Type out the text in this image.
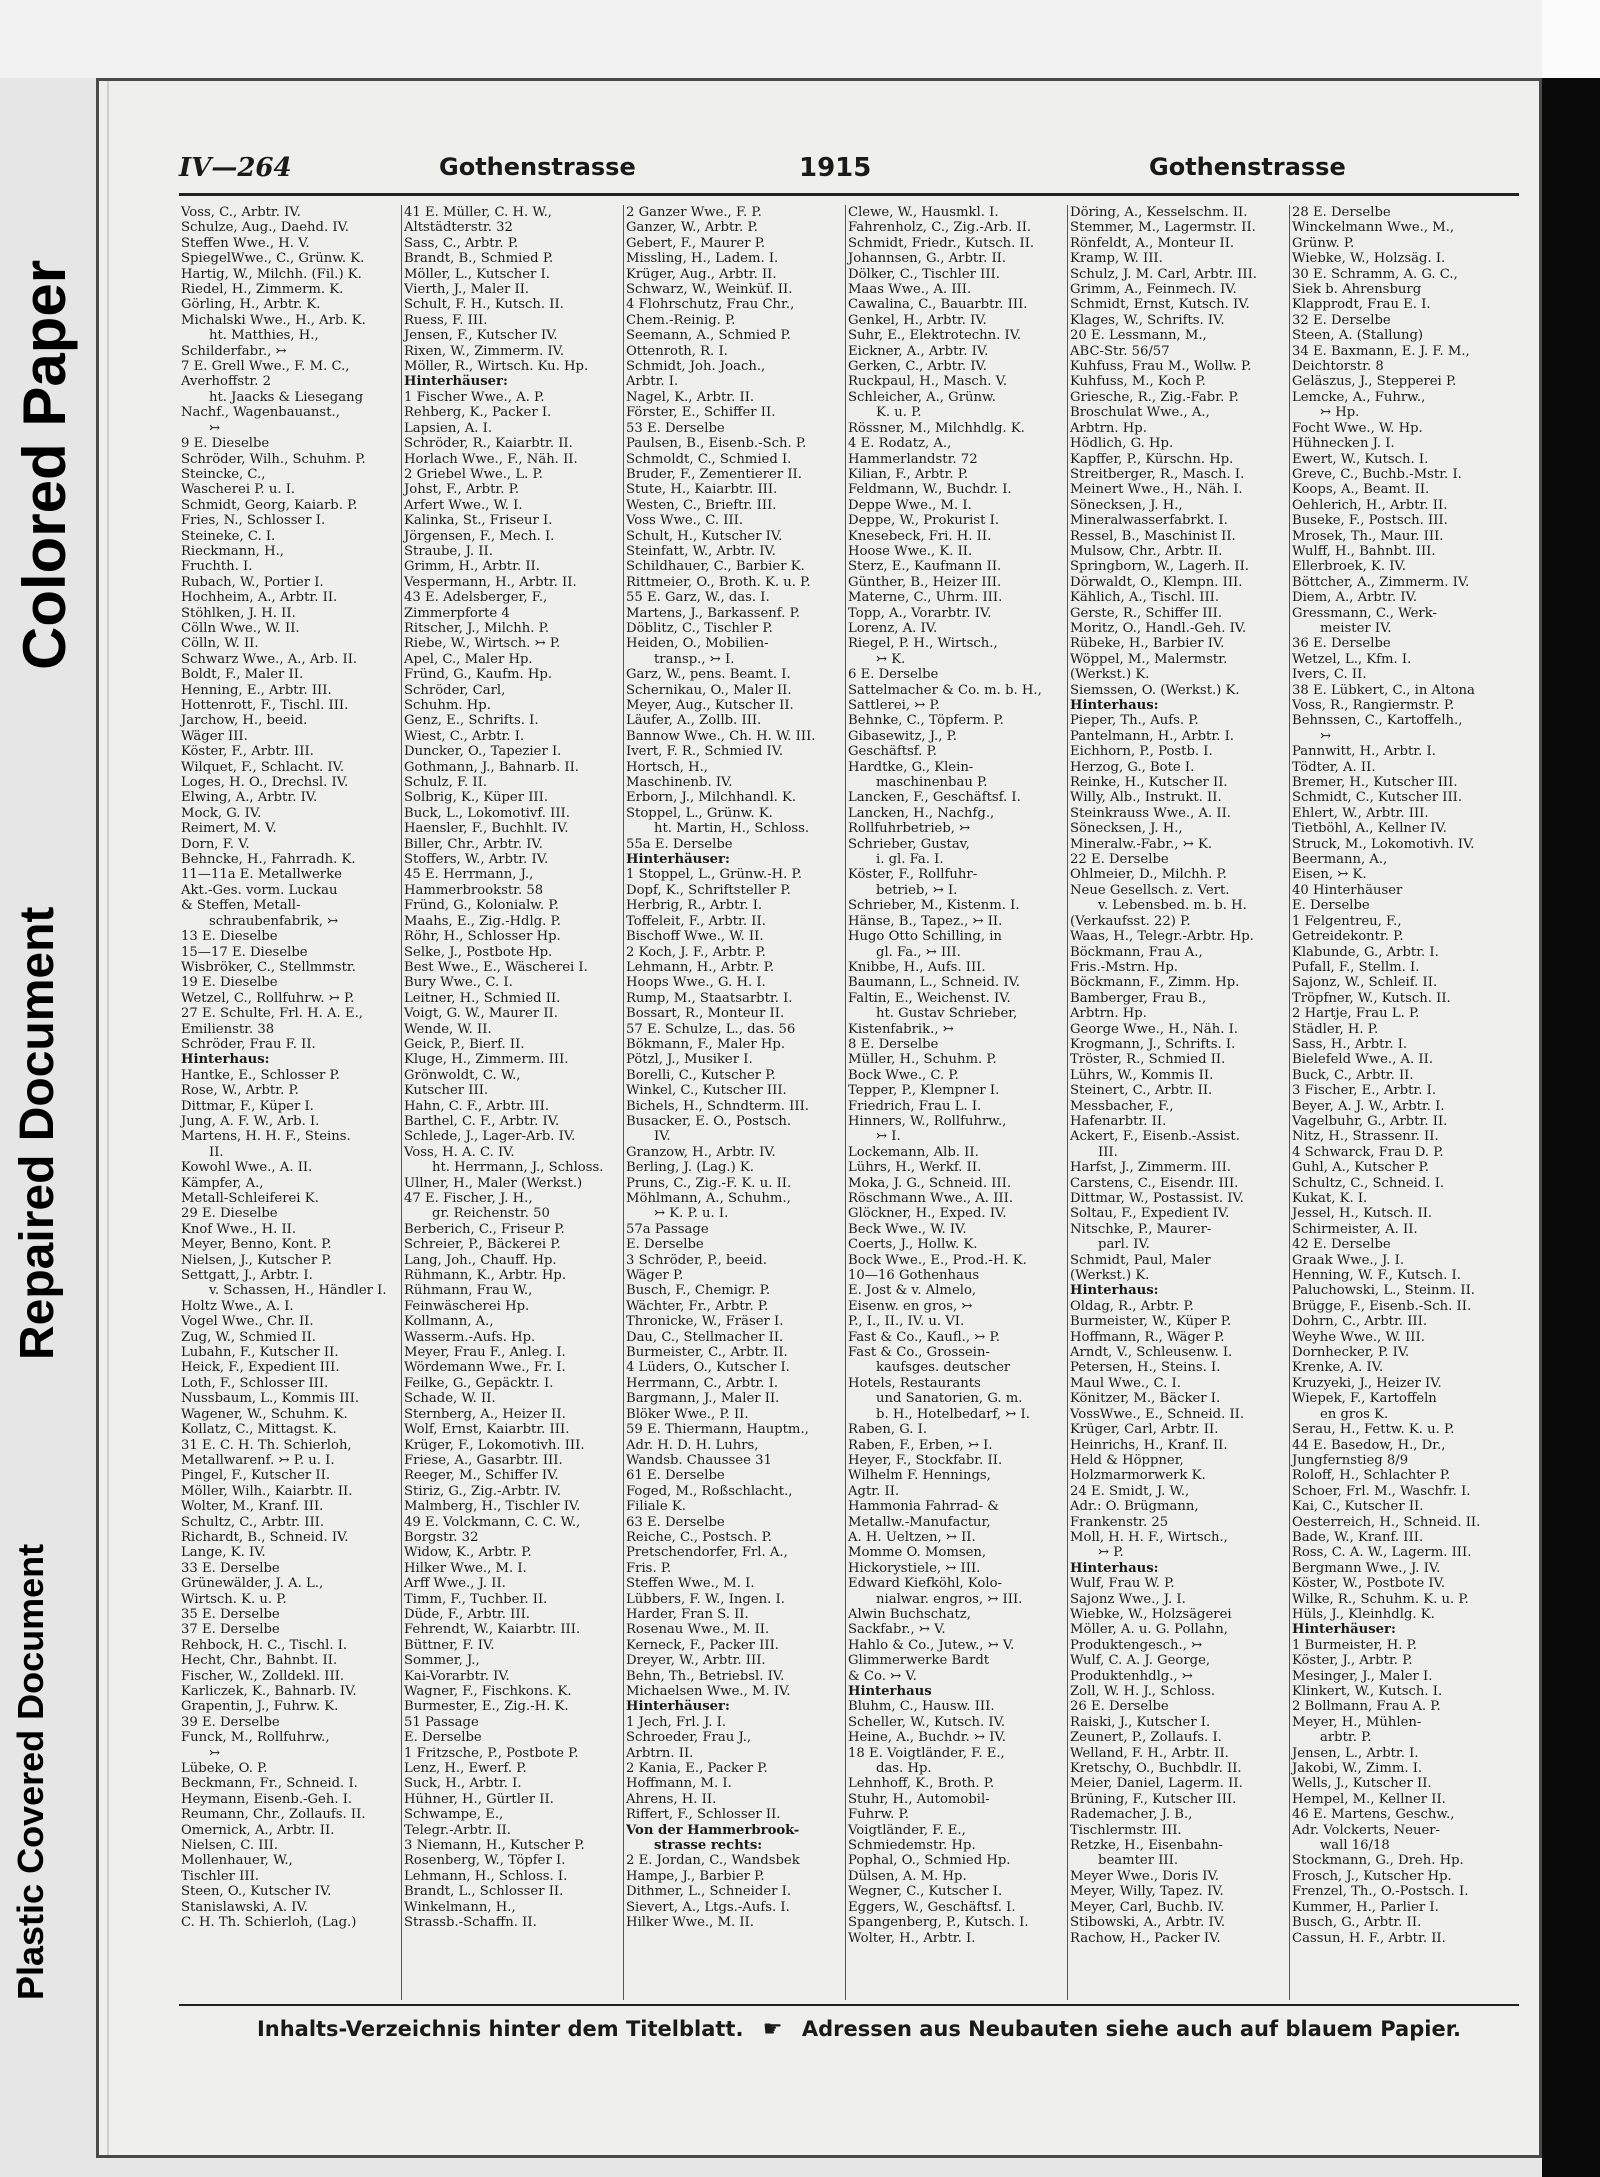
Colored Paper
Repaired Document
Plastic Covered Document
IV—264	Gothenstrasse	1915	Gothenstrasse
Voss, C., Arbtr. IV.
Schulze, Aug., Daehd. IV.
Steffen Wwe., H. V.
SpiegelWwe., C., Grünw. K.
Hartig, W., Milchh. (Fil.) K.
Riedel, H., Zimmerm. K.
Görling, H., Arbtr. K.
Michalski Wwe., H., Arb. K.
ht. Matthies, H.,
Schilderfabr., ↣
7 E. Grell Wwe., F. M. C.,
Averhoffstr. 2
ht. Jaacks & Liesegang
Nachf., Wagenbauanst.,
↣
9 E. Dieselbe
Schröder, Wilh., Schuhm. P.
Steincke, C.,
Wascherei P. u. I.
Schmidt, Georg, Kaiarb. P.
Fries, N., Schlosser I.
Steineke, C. I.
Rieckmann, H.,
Fruchth. I.
Rubach, W., Portier I.
Hochheim, A., Arbtr. II.
Stöhlken, J. H. II.
Cölln Wwe., W. II.
Cölln, W. II.
Schwarz Wwe., A., Arb. II.
Boldt, F., Maler II.
Henning, E., Arbtr. III.
Hottenrott, F., Tischl. III.
Jarchow, H., beeid.
Wäger III.
Köster, F., Arbtr. III.
Wilquet, F., Schlacht. IV.
Loges, H. O., Drechsl. IV.
Elwing, A., Arbtr. IV.
Mock, G. IV.
Reimert, M. V.
Dorn, F. V.
Behncke, H., Fahrradh. K.
11—11a E. Metallwerke
Akt.-Ges. vorm. Luckau
& Steffen, Metall-
schraubenfabrik, ↣
13 E. Dieselbe
15—17 E. Dieselbe
Wisbröker, C., Stellmmstr.
19 E. Dieselbe
Wetzel, C., Rollfuhrw. ↣ P.
27 E. Schulte, Frl. H. A. E.,
Emilienstr. 38
Schröder, Frau F. II.
Hinterhaus:
Hantke, E., Schlosser P.
Rose, W., Arbtr. P.
Dittmar, F., Küper I.
Jung, A. F. W., Arb. I.
Martens, H. H. F., Steins.
II.
Kowohl Wwe., A. II.
Kämpfer, A.,
Metall-Schleiferei K.
29 E. Dieselbe
Knof Wwe., H. II.
Meyer, Benno, Kont. P.
Nielsen, J., Kutscher P.
Settgatt, J., Arbtr. I.
v. Schassen, H., Händler I.
Holtz Wwe., A. I.
Vogel Wwe., Chr. II.
Zug, W., Schmied II.
Lubahn, F., Kutscher II.
Heick, F., Expedient III.
Loth, F., Schlosser III.
Nussbaum, L., Kommis III.
Wagener, W., Schuhm. K.
Kollatz, C., Mittagst. K.
31 E. C. H. Th. Schierloh,
Metallwarenf. ↣ P. u. I.
Pingel, F., Kutscher II.
Möller, Wilh., Kaiarbtr. II.
Wolter, M., Kranf. III.
Schultz, C., Arbtr. III.
Richardt, B., Schneid. IV.
Lange, K. IV.
33 E. Derselbe
Grünewälder, J. A. L.,
Wirtsch. K. u. P.
35 E. Derselbe
37 E. Derselbe
Rehbock, H. C., Tischl. I.
Hecht, Chr., Bahnbt. II.
Fischer, W., Zolldekl. III.
Karliczek, K., Bahnarb. IV.
Grapentin, J., Fuhrw. K.
39 E. Derselbe
Funck, M., Rollfuhrw.,
↣
Lübeke, O. P.
Beckmann, Fr., Schneid. I.
Heymann, Eisenb.-Geh. I.
Reumann, Chr., Zollaufs. II.
Omernick, A., Arbtr. II.
Nielsen, C. III.
Mollenhauer, W.,
Tischler III.
Steen, O., Kutscher IV.
Stanislawski, A. IV.
C. H. Th. Schierloh, (Lag.)
41 E. Müller, C. H. W.,
Altstädterstr. 32
Sass, C., Arbtr. P.
Brandt, B., Schmied P.
Möller, L., Kutscher I.
Vierth, J., Maler II.
Schult, F. H., Kutsch. II.
Ruess, F. III.
Jensen, F., Kutscher IV.
Rixen, W., Zimmerm. IV.
Möller, R., Wirtsch. Ku. Hp.
Hinterhäuser:
1 Fischer Wwe., A. P.
Rehberg, K., Packer I.
Lapsien, A. I.
Schröder, R., Kaiarbtr. II.
Horlach Wwe., F., Näh. II.
2 Griebel Wwe., L. P.
Johst, F., Arbtr. P.
Arfert Wwe., W. I.
Kalinka, St., Friseur I.
Jörgensen, F., Mech. I.
Straube, J. II.
Grimm, H., Arbtr. II.
Vespermann, H., Arbtr. II.
43 E. Adelsberger, F.,
Zimmerpforte 4
Ritscher, J., Milchh. P.
Riebe, W., Wirtsch. ↣ P.
Apel, C., Maler Hp.
Fründ, G., Kaufm. Hp.
Schröder, Carl,
Schuhm. Hp.
Genz, E., Schrifts. I.
Wiest, C., Arbtr. I.
Duncker, O., Tapezier I.
Gothmann, J., Bahnarb. II.
Schulz, F. II.
Solbrig, K., Küper III.
Buck, L., Lokomotivf. III.
Haensler, F., Buchhlt. IV.
Biller, Chr., Arbtr. IV.
Stoffers, W., Arbtr. IV.
45 E. Herrmann, J.,
Hammerbrookstr. 58
Fründ, G., Kolonialw. P.
Maahs, E., Zig.-Hdlg. P.
Röhr, H., Schlosser Hp.
Selke, J., Postbote Hp.
Best Wwe., E., Wäscherei I.
Bury Wwe., C. I.
Leitner, H., Schmied II.
Voigt, G. W., Maurer II.
Wende, W. II.
Geick, P., Bierf. II.
Kluge, H., Zimmerm. III.
Grönwoldt, C. W.,
Kutscher III.
Hahn, C. F., Arbtr. III.
Barthel, C. F., Arbtr. IV.
Schlede, J., Lager-Arb. IV.
Voss, H. A. C. IV.
ht. Herrmann, J., Schloss.
Ullner, H., Maler (Werkst.)
47 E. Fischer, J. H.,
gr. Reichenstr. 50
Berberich, C., Friseur P.
Schreier, P., Bäckerei P.
Lang, Joh., Chauff. Hp.
Rühmann, K., Arbtr. Hp.
Rühmann, Frau W.,
Feinwäscherei Hp.
Kollmann, A.,
Wasserm.-Aufs. Hp.
Meyer, Frau F., Anleg. I.
Wördemann Wwe., Fr. I.
Feilke, G., Gepäcktr. I.
Schade, W. II.
Sternberg, A., Heizer II.
Wolf, Ernst, Kaiarbtr. III.
Krüger, F., Lokomotivh. III.
Friese, A., Gasarbtr. III.
Reeger, M., Schiffer IV.
Stiriz, G., Zig.-Arbtr. IV.
Malmberg, H., Tischler IV.
49 E. Volckmann, C. C. W.,
Borgstr. 32
Widow, K., Arbtr. P.
Hilker Wwe., M. I.
Arff Wwe., J. II.
Timm, F., Tuchber. II.
Düde, F., Arbtr. III.
Fehrendt, W., Kaiarbtr. III.
Büttner, F. IV.
Sommer, J.,
Kai-Vorarbtr. IV.
Wagner, F., Fischkons. K.
Burmester, E., Zig.-H. K.
51 Passage
E. Derselbe
1 Fritzsche, P., Postbote P.
Lenz, H., Ewerf. P.
Suck, H., Arbtr. I.
Hühner, H., Gürtler II.
Schwampe, E.,
Telegr.-Arbtr. II.
3 Niemann, H., Kutscher P.
Rosenberg, W., Töpfer I.
Lehmann, H., Schloss. I.
Brandt, L., Schlosser II.
Winkelmann, H.,
Strassb.-Schaffn. II.
2 Ganzer Wwe., F. P.
Ganzer, W., Arbtr. P.
Gebert, F., Maurer P.
Missling, H., Ladem. I.
Krüger, Aug., Arbtr. II.
Schwarz, W., Weinküf. II.
4 Flohrschutz, Frau Chr.,
Chem.-Reinig. P.
Seemann, A., Schmied P.
Ottenroth, R. I.
Schmidt, Joh. Joach.,
Arbtr. I.
Nagel, K., Arbtr. II.
Förster, E., Schiffer II.
53 E. Derselbe
Paulsen, B., Eisenb.-Sch. P.
Schmoldt, C., Schmied I.
Bruder, F., Zementierer II.
Stute, H., Kaiarbtr. III.
Westen, C., Brieftr. III.
Voss Wwe., C. III.
Schult, H., Kutscher IV.
Steinfatt, W., Arbtr. IV.
Schildhauer, C., Barbier K.
Rittmeier, O., Broth. K. u. P.
55 E. Garz, W., das. I.
Martens, J., Barkassenf. P.
Döblitz, C., Tischler P.
Heiden, O., Mobilien-
transp., ↣ I.
Garz, W., pens. Beamt. I.
Schernikau, O., Maler II.
Meyer, Aug., Kutscher II.
Läufer, A., Zollb. III.
Bannow Wwe., Ch. H. W. III.
Ivert, F. R., Schmied IV.
Hortsch, H.,
Maschinenb. IV.
Erborn, J., Milchhandl. K.
Stoppel, L., Grünw. K.
ht. Martin, H., Schloss.
55a E. Derselbe
Hinterhäuser:
1 Stoppel, L., Grünw.-H. P.
Dopf, K., Schriftsteller P.
Herbrig, R., Arbtr. I.
Toffeleit, F., Arbtr. II.
Bischoff Wwe., W. II.
2 Koch, J. F., Arbtr. P.
Lehmann, H., Arbtr. P.
Hoops Wwe., G. H. I.
Rump, M., Staatsarbtr. I.
Bossart, R., Monteur II.
57 E. Schulze, L., das. 56
Bökmann, F., Maler Hp.
Pötzl, J., Musiker I.
Borelli, C., Kutscher P.
Winkel, C., Kutscher III.
Bichels, H., Schndterm. III.
Busacker, E. O., Postsch.
IV.
Granzow, H., Arbtr. IV.
Berling, J. (Lag.) K.
Pruns, C., Zig.-F. K. u. II.
Möhlmann, A., Schuhm.,
↣ K. P. u. I.
57a Passage
E. Derselbe
3 Schröder, P., beeid.
Wäger P.
Busch, F., Chemigr. P.
Wächter, Fr., Arbtr. P.
Thronicke, W., Fräser I.
Dau, C., Stellmacher II.
Burmeister, C., Arbtr. II.
4 Lüders, O., Kutscher I.
Herrmann, C., Arbtr. I.
Bargmann, J., Maler II.
Blöker Wwe., P. II.
59 E. Thiermann, Hauptm.,
Adr. H. D. H. Luhrs,
Wandsb. Chaussee 31
61 E. Derselbe
Foged, M., Roßschlacht.,
Filiale K.
63 E. Derselbe
Reiche, C., Postsch. P.
Pretschendorfer, Frl. A.,
Fris. P.
Steffen Wwe., M. I.
Lübbers, F. W., Ingen. I.
Harder, Fran S. II.
Rosenau Wwe., M. II.
Kerneck, F., Packer III.
Dreyer, W., Arbtr. III.
Behn, Th., Betriebsl. IV.
Michaelsen Wwe., M. IV.
Hinterhäuser:
1 Jech, Frl. J. I.
Schroeder, Frau J.,
Arbtrn. II.
2 Kania, E., Packer P.
Hoffmann, M. I.
Ahrens, H. II.
Riffert, F., Schlosser II.
Von der Hammerbrook-
strasse rechts:
2 E. Jordan, C., Wandsbek
Hampe, J., Barbier P.
Dithmer, L., Schneider I.
Sievert, A., Ltgs.-Aufs. I.
Hilker Wwe., M. II.
Clewe, W., Hausmkl. I.
Fahrenholz, C., Zig.-Arb. II.
Schmidt, Friedr., Kutsch. II.
Johannsen, G., Arbtr. II.
Dölker, C., Tischler III.
Maas Wwe., A. III.
Cawalina, C., Bauarbtr. III.
Genkel, H., Arbtr. IV.
Suhr, E., Elektrotechn. IV.
Eickner, A., Arbtr. IV.
Gerken, C., Arbtr. IV.
Ruckpaul, H., Masch. V.
Schleicher, A., Grünw.
K. u. P.
Rössner, M., Milchhdlg. K.
4 E. Rodatz, A.,
Hammerlandstr. 72
Kilian, F., Arbtr. P.
Feldmann, W., Buchdr. I.
Deppe Wwe., M. I.
Deppe, W., Prokurist I.
Knesebeck, Fri. H. II.
Hoose Wwe., K. II.
Sterz, E., Kaufmann II.
Günther, B., Heizer III.
Materne, C., Uhrm. III.
Topp, A., Vorarbtr. IV.
Lorenz, A. IV.
Riegel, P. H., Wirtsch.,
↣ K.
6 E. Derselbe
Sattelmacher & Co. m. b. H.,
Sattlerei, ↣ P.
Behnke, C., Töpferm. P.
Gibasewitz, J., P.
Geschäftsf. P.
Hardtke, G., Klein-
maschinenbau P.
Lancken, F., Geschäftsf. I.
Lancken, H., Nachfg.,
Rollfuhrbetrieb, ↣
Schrieber, Gustav,
i. gl. Fa. I.
Köster, F., Rollfuhr-
betrieb, ↣ I.
Schrieber, M., Kistenm. I.
Hänse, B., Tapez., ↣ II.
Hugo Otto Schilling, in
gl. Fa., ↣ III.
Knibbe, H., Aufs. III.
Baumann, L., Schneid. IV.
Faltin, E., Weichenst. IV.
ht. Gustav Schrieber,
Kistenfabrik., ↣
8 E. Derselbe
Müller, H., Schuhm. P.
Bock Wwe., C. P.
Tepper, P., Klempner I.
Friedrich, Frau L. I.
Hinners, W., Rollfuhrw.,
↣ I.
Lockemann, Alb. II.
Lührs, H., Werkf. II.
Moka, J. G., Schneid. III.
Röschmann Wwe., A. III.
Glöckner, H., Exped. IV.
Beck Wwe., W. IV.
Coerts, J., Hollw. K.
Bock Wwe., E., Prod.-H. K.
10—16 Gothenhaus
E. Jost & v. Almelo,
Eisenw. en gros, ↣
P., I., II., IV. u. VI.
Fast & Co., Kaufl., ↣ P.
Fast & Co., Grossein-
kaufsges. deutscher
Hotels, Restaurants
und Sanatorien, G. m.
b. H., Hotelbedarf, ↣ I.
Raben, G. I.
Raben, F., Erben, ↣ I.
Heyer, F., Stockfabr. II.
Wilhelm F. Hennings,
Agtr. II.
Hammonia Fahrrad- &
Metallw.-Manufactur,
A. H. Ueltzen, ↣ II.
Momme O. Momsen,
Hickorystiele, ↣ III.
Edward Kiefköhl, Kolo-
nialwar. engros, ↣ III.
Alwin Buchschatz,
Sackfabr., ↣ V.
Hahlo & Co., Jutew., ↣ V.
Glimmerwerke Bardt
& Co. ↣ V.
Hinterhaus
Bluhm, C., Hausw. III.
Scheller, W., Kutsch. IV.
Heine, A., Buchdr. ↣ IV.
18 E. Voigtländer, F. E.,
das. Hp.
Lehnhoff, K., Broth. P.
Stuhr, H., Automobil-
Fuhrw. P.
Voigtländer, F. E.,
Schmiedemstr. Hp.
Pophal, O., Schmied Hp.
Dülsen, A. M. Hp.
Wegner, C., Kutscher I.
Eggers, W., Geschäftsf. I.
Spangenberg, P., Kutsch. I.
Wolter, H., Arbtr. I.
Döring, A., Kesselschm. II.
Stemmer, M., Lagermstr. II.
Rönfeldt, A., Monteur II.
Kramp, W. III.
Schulz, J. M. Carl, Arbtr. III.
Grimm, A., Feinmech. IV.
Schmidt, Ernst, Kutsch. IV.
Klages, W., Schrifts. IV.
20 E. Lessmann, M.,
ABC-Str. 56/57
Kuhfuss, Frau M., Wollw. P.
Kuhfuss, M., Koch P.
Griesche, R., Zig.-Fabr. P.
Broschulat Wwe., A.,
Arbtrn. Hp.
Hödlich, G. Hp.
Kapffer, P., Kürschn. Hp.
Streitberger, R., Masch. I.
Meinert Wwe., H., Näh. I.
Sönecksen, J. H.,
Mineralwasserfabrkt. I.
Ressel, B., Maschinist II.
Mulsow, Chr., Arbtr. II.
Springborn, W., Lagerh. II.
Dörwaldt, O., Klempn. III.
Kählich, A., Tischl. III.
Gerste, R., Schiffer III.
Moritz, O., Handl.-Geh. IV.
Rübeke, H., Barbier IV.
Wöppel, M., Malermstr.
(Werkst.) K.
Siemssen, O. (Werkst.) K.
Hinterhaus:
Pieper, Th., Aufs. P.
Pantelmann, H., Arbtr. I.
Eichhorn, P., Postb. I.
Herzog, G., Bote I.
Reinke, H., Kutscher II.
Willy, Alb., Instrukt. II.
Steinkrauss Wwe., A. II.
Sönecksen, J. H.,
Mineralw.-Fabr., ↣ K.
22 E. Derselbe
Ohlmeier, D., Milchh. P.
Neue Gesellsch. z. Vert.
v. Lebensbed. m. b. H.
(Verkaufsst. 22) P.
Waas, H., Telegr.-Arbtr. Hp.
Böckmann, Frau A.,
Fris.-Mstrn. Hp.
Böckmann, F., Zimm. Hp.
Bamberger, Frau B.,
Arbtrn. Hp.
George Wwe., H., Näh. I.
Krogmann, J., Schrifts. I.
Tröster, R., Schmied II.
Lührs, W., Kommis II.
Steinert, C., Arbtr. II.
Messbacher, F.,
Hafenarbtr. II.
Ackert, F., Eisenb.-Assist.
III.
Harfst, J., Zimmerm. III.
Carstens, C., Eisendr. III.
Dittmar, W., Postassist. IV.
Soltau, F., Expedient IV.
Nitschke, P., Maurer-
parl. IV.
Schmidt, Paul, Maler
(Werkst.) K.
Hinterhaus:
Oldag, R., Arbtr. P.
Burmeister, W., Küper P.
Hoffmann, R., Wäger P.
Arndt, V., Schleusenw. I.
Petersen, H., Steins. I.
Maul Wwe., C. I.
Könitzer, M., Bäcker I.
VossWwe., E., Schneid. II.
Krüger, Carl, Arbtr. II.
Heinrichs, H., Kranf. II.
Held & Höppner,
Holzmarmorwerk K.
24 E. Smidt, J. W.,
Adr.: O. Brügmann,
Frankenstr. 25
Moll, H. H. F., Wirtsch.,
↣ P.
Hinterhaus:
Wulf, Frau W. P.
Sajonz Wwe., J. I.
Wiebke, W., Holzsägerei
Möller, A. u. G. Pollahn,
Produktengesch., ↣
Wulf, C. A. J. George,
Produktenhdlg., ↣
Zoll, W. H. J., Schloss.
26 E. Derselbe
Raiski, J., Kutscher I.
Zeunert, P., Zollaufs. I.
Welland, F. H., Arbtr. II.
Kretschy, O., Buchbdlr. II.
Meier, Daniel, Lagerm. II.
Brüning, F., Kutscher III.
Rademacher, J. B.,
Tischlermstr. III.
Retzke, H., Eisenbahn-
beamter III.
Meyer Wwe., Doris IV.
Meyer, Willy, Tapez. IV.
Meyer, Carl, Buchb. IV.
Stibowski, A., Arbtr. IV.
Rachow, H., Packer IV.
28 E. Derselbe
Winckelmann Wwe., M.,
Grünw. P.
Wiebke, W., Holzsäg. I.
30 E. Schramm, A. G. C.,
Siek b. Ahrensburg
Klapprodt, Frau E. I.
32 E. Derselbe
Steen, A. (Stallung)
34 E. Baxmann, E. J. F. M.,
Deichtorstr. 8
Geläszus, J., Stepperei P.
Lemcke, A., Fuhrw.,
↣ Hp.
Focht Wwe., W. Hp.
Hühnecken J. I.
Ewert, W., Kutsch. I.
Greve, C., Buchb.-Mstr. I.
Koops, A., Beamt. II.
Oehlerich, H., Arbtr. II.
Buseke, F., Postsch. III.
Mrosek, Th., Maur. III.
Wulff, H., Bahnbt. III.
Ellerbroek, K. IV.
Böttcher, A., Zimmerm. IV.
Diem, A., Arbtr. IV.
Gressmann, C., Werk-
meister IV.
36 E. Derselbe
Wetzel, L., Kfm. I.
Ivers, C. II.
38 E. Lübkert, C., in Altona
Voss, R., Rangiermstr. P.
Behnssen, C., Kartoffelh.,
↣
Pannwitt, H., Arbtr. I.
Tödter, A. II.
Bremer, H., Kutscher III.
Schmidt, C., Kutscher III.
Ehlert, W., Arbtr. III.
Tietböhl, A., Kellner IV.
Struck, M., Lokomotivh. IV.
Beermann, A.,
Eisen, ↣ K.
40 Hinterhäuser
E. Derselbe
1 Felgentreu, F.,
Getreidekontr. P.
Klabunde, G., Arbtr. I.
Pufall, F., Stellm. I.
Sajonz, W., Schleif. II.
Tröpfner, W., Kutsch. II.
2 Hartje, Frau L. P.
Städler, H. P.
Sass, H., Arbtr. I.
Bielefeld Wwe., A. II.
Buck, C., Arbtr. II.
3 Fischer, E., Arbtr. I.
Beyer, A. J. W., Arbtr. I.
Vagelbuhr, G., Arbtr. II.
Nitz, H., Strassenr. II.
4 Schwarck, Frau D. P.
Guhl, A., Kutscher P.
Schultz, C., Schneid. I.
Kukat, K. I.
Jessel, H., Kutsch. II.
Schirmeister, A. II.
42 E. Derselbe
Graak Wwe., J. I.
Henning, W. F., Kutsch. I.
Paluchowski, L., Steinm. II.
Brügge, F., Eisenb.-Sch. II.
Dohrn, C., Arbtr. III.
Weyhe Wwe., W. III.
Dornhecker, P. IV.
Krenke, A. IV.
Kruzyeki, J., Heizer IV.
Wiepek, F., Kartoffeln
en gros K.
Serau, H., Fettw. K. u. P.
44 E. Basedow, H., Dr.,
Jungfernstieg 8/9
Roloff, H., Schlachter P.
Schoer, Frl. M., Waschfr. I.
Kai, C., Kutscher II.
Oesterreich, H., Schneid. II.
Bade, W., Kranf. III.
Ross, C. A. W., Lagerm. III.
Bergmann Wwe., J. IV.
Köster, W., Postbote IV.
Wilke, R., Schuhm. K. u. P.
Hüls, J., Kleinhdlg. K.
Hinterhäuser:
1 Burmeister, H. P.
Köster, J., Arbtr. P.
Mesinger, J., Maler I.
Klinkert, W., Kutsch. I.
2 Bollmann, Frau A. P.
Meyer, H., Mühlen-
arbtr. P.
Jensen, L., Arbtr. I.
Jakobi, W., Zimm. I.
Wells, J., Kutscher II.
Hempel, M., Kellner II.
46 E. Martens, Geschw.,
Adr. Volckerts, Neuer-
wall 16/18
Stockmann, G., Dreh. Hp.
Frosch, J., Kutscher Hp.
Frenzel, Th., O.-Postsch. I.
Kummer, H., Parlier I.
Busch, G., Arbtr. II.
Cassun, H. F., Arbtr. II.
Inhalts-Verzeichnis hinter dem Titelblatt. ☛ Adressen aus Neubauten siehe auch auf blauem Papier.
